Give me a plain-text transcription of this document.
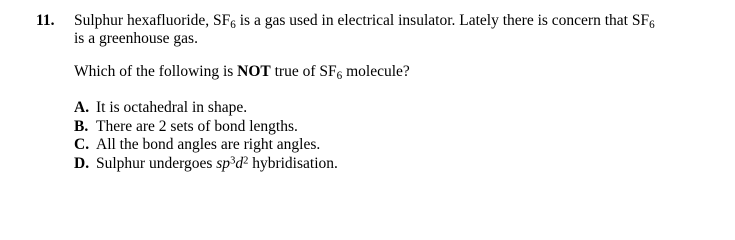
11. Sulphur hexafluoride, $SF_6$ is a gas used in electrical insulator. Lately there is concern that $SF_6$
is a greenhouse gas.
Which of the following is NOT true of $SF_6$ molecule?
A. It is octahedral in shape.
B. There are 2 sets of bond lengths.
C. All the bond angles are right angles.
D. Sulphur undergoes $sp^3d^2$ hybridisation.
